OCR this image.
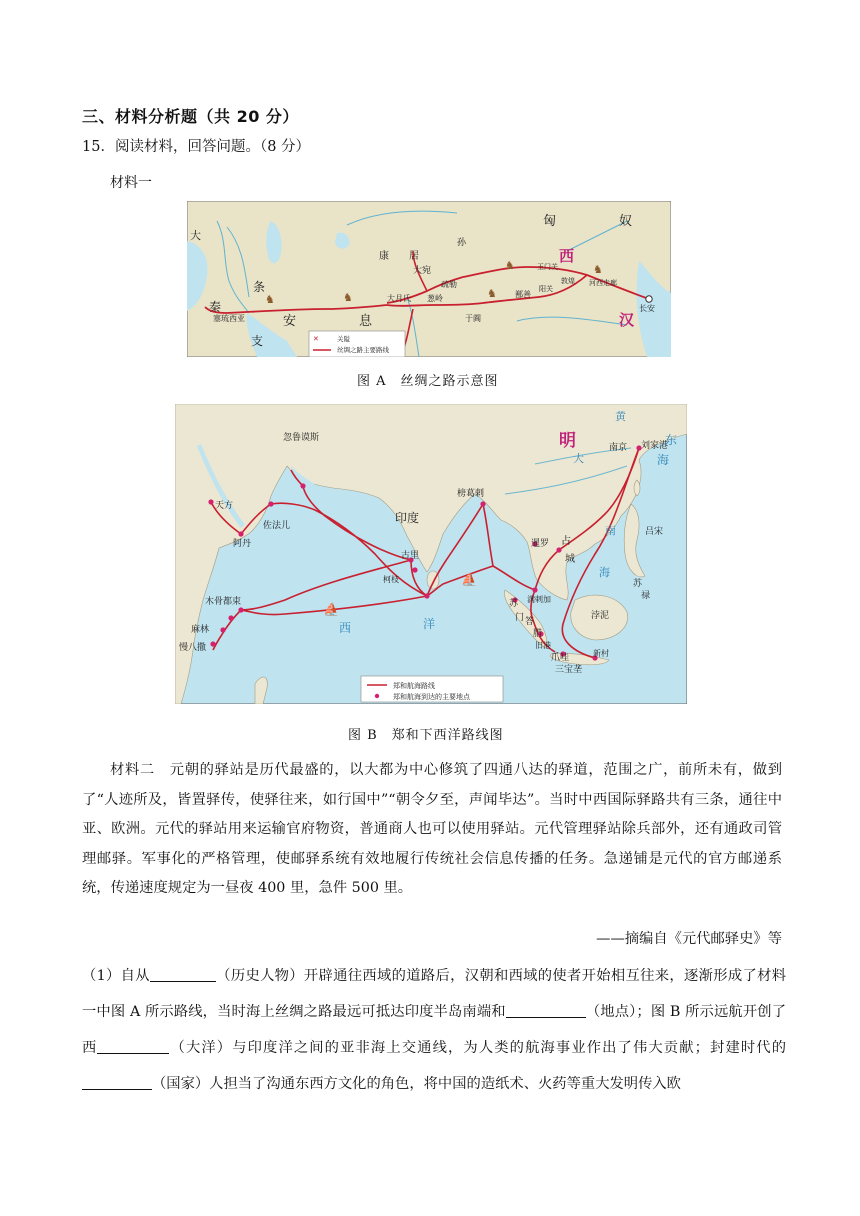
三、材料分析题（共 20 分）
15．阅读材料，回答问题。（8 分）
材料一
♞	♞	♞
♞	♞
匈	奴
西
汉
大
秦
条
支
安	息
康 居
孙
大宛
疏勒
葱岭
大月氏
塞琉西亚	于阗
鄯善
玉门关
阳关
敦煌 河西走廊
长安
✕	关隘
丝绸之路主要路线
图 A　丝绸之路示意图
⛵
⛵
明	南京 刘家港
东
海
黄
大
南
海
吕宋
忽鲁谟斯
天方
佐法儿
阿丹
印度
榜葛剌
古里
柯枝
木骨都束
麻林
慢八撒
暹罗 占
城
苏
门 答
腊
满剌加
旧港
爪哇	新村
三宝垄
苏
禄
浡泥
西	洋
郑和航海路线
郑和航海到达的主要地点
图 B　郑和下西洋路线图
材料二　元朝的驿站是历代最盛的，以大都为中心修筑了四通八达的驿道，范围之广，前所未有，做到了“人迹所及，皆置驿传，使驿往来，如行国中”“朝令夕至，声闻毕达”。当时中西国际驿路共有三条，通往中亚、欧洲。元代的驿站用来运输官府物资，普通商人也可以使用驿站。元代管理驿站除兵部外，还有通政司管理邮驿。军事化的严格管理，使邮驿系统有效地履行传统社会信息传播的任务。急递铺是元代的官方邮递系统，传递速度规定为一昼夜 400 里，急件 500 里。
——摘编自《元代邮驿史》等
（1）自从	（历史人物）开辟通往西域的道路后，汉朝和西域的使者开始相互往来，逐渐形成了材料一中图 A 所示路线，当时海上丝绸之路最远可抵达印度半岛南端和	（地点）；图 B 所示远航开创了西	（大洋）与印度洋之间的亚非海上交通线，为人类的航海事业作出了伟大贡献；封建时代的（国家）人担当了沟通东西方文化的角色，将中国的造纸术、火药等重大发明传入欧
